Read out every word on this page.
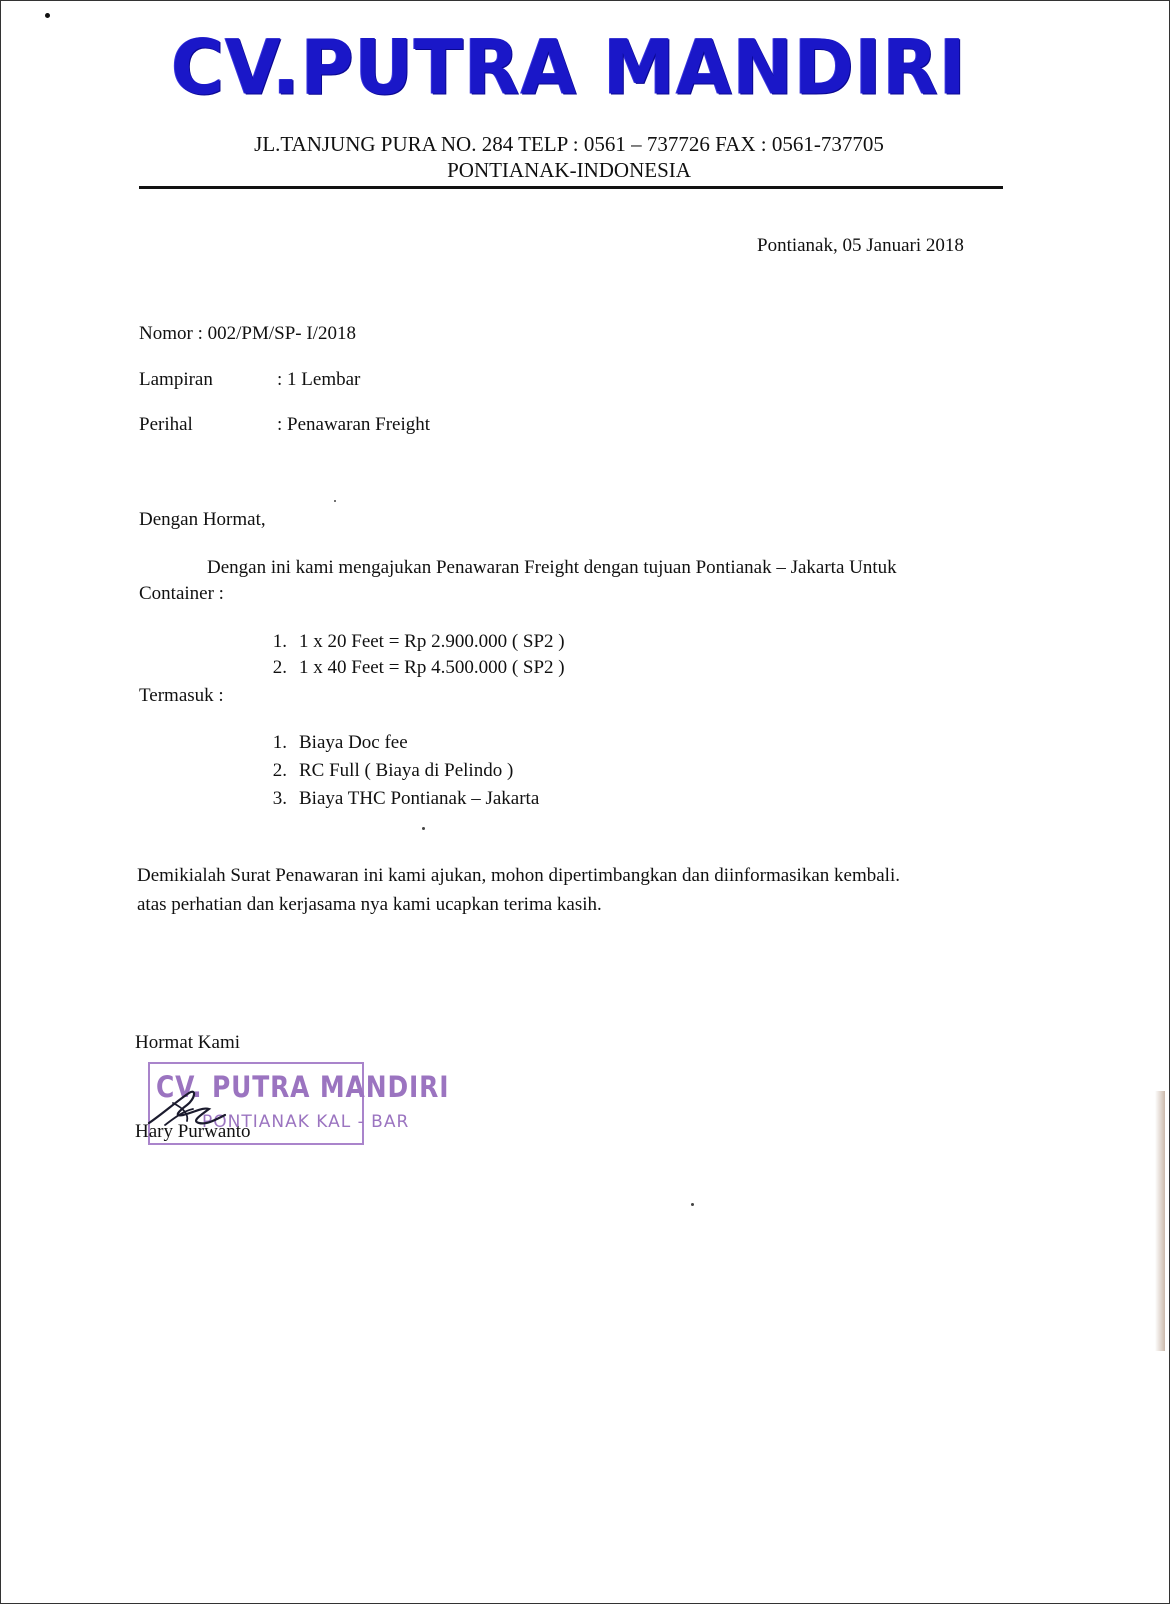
CV.PUTRA MANDIRI
JL.TANJUNG PURA NO. 284 TELP : 0561 – 737726 FAX : 0561-737705
PONTIANAK-INDONESIA
Pontianak, 05 Januari 2018
Nomor : 002/PM/SP- I/2018
Lampiran	: 1 Lembar
Perihal	: Penawaran Freight
Dengan Hormat,
Dengan ini kami mengajukan Penawaran Freight dengan tujuan Pontianak – Jakarta Untuk
Container :
1. 1 x 20 Feet = Rp 2.900.000 ( SP2 )
2. 1 x 40 Feet = Rp 4.500.000 ( SP2 )
Termasuk :
1. Biaya Doc fee
2. RC Full ( Biaya di Pelindo )
3. Biaya THC Pontianak – Jakarta
Demikialah Surat Penawaran ini kami ajukan, mohon dipertimbangkan dan diinformasikan kembali.
atas perhatian dan kerjasama nya kami ucapkan terima kasih.
Hormat Kami
CV. PUTRA MANDIRI
PONTIANAK KAL - BAR
Hary Purwanto
